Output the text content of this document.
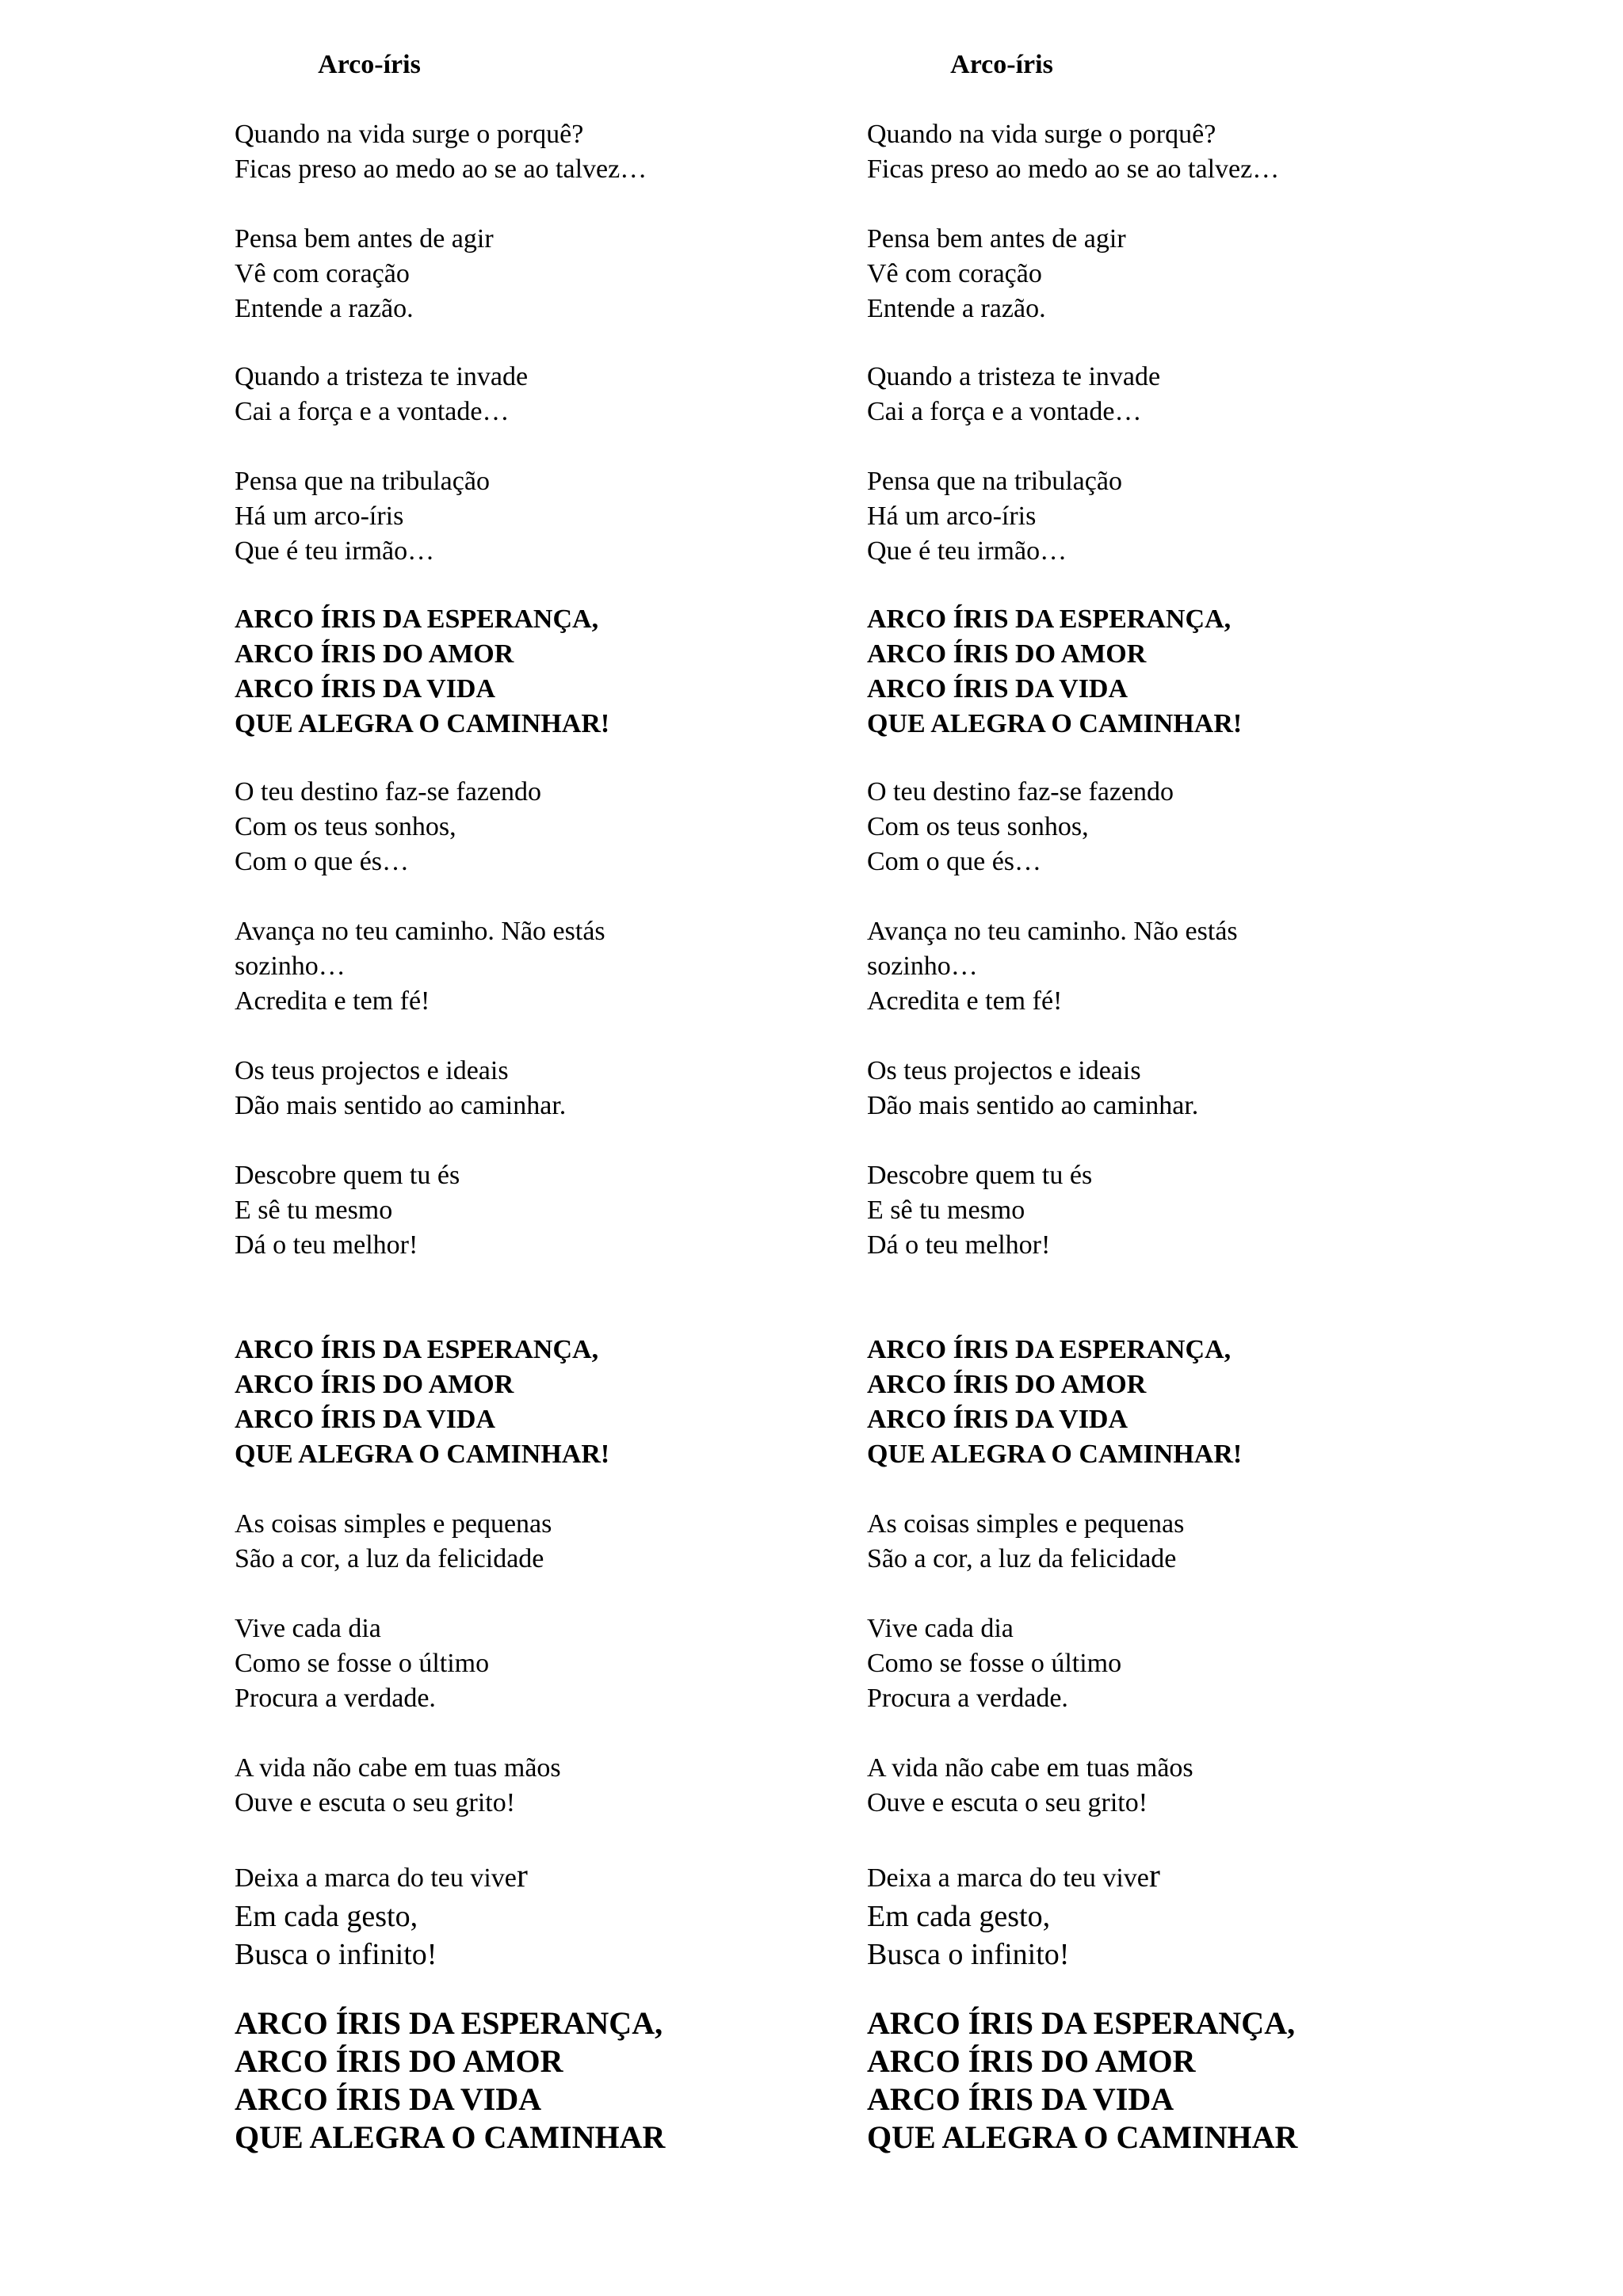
Arco-íris

Quando na vida surge o porquê?
Ficas preso ao medo ao se ao talvez…
Pensa bem antes de agir
Vê com coração
Entende a razão.
Quando a tristeza te invade
Cai a força e a vontade…
Pensa que na tribulação
Há um arco-íris
Que é teu irmão…
ARCO ÍRIS DA ESPERANÇA,
ARCO ÍRIS DO AMOR
ARCO ÍRIS DA VIDA
QUE ALEGRA O CAMINHAR!
O teu destino faz-se fazendo
Com os teus sonhos,
Com o que és…
Avança no teu caminho. Não estás
sozinho…
Acredita e tem fé!
Os teus projectos e ideais
Dão mais sentido ao caminhar.
Descobre quem tu és
E sê tu mesmo
Dá o teu melhor!
ARCO ÍRIS DA ESPERANÇA,
ARCO ÍRIS DO AMOR
ARCO ÍRIS DA VIDA
QUE ALEGRA O CAMINHAR!
As coisas simples e pequenas
São a cor, a luz da felicidade
Vive cada dia
Como se fosse o último
Procura a verdade.
A vida não cabe em tuas mãos
Ouve e escuta o seu grito!
Deixa a marca do teu viver
Em cada gesto,
Busca o infinito!
ARCO ÍRIS DA ESPERANÇA,
ARCO ÍRIS DO AMOR
ARCO ÍRIS DA VIDA
QUE ALEGRA O CAMINHAR

Arco-íris

Quando na vida surge o porquê?
Ficas preso ao medo ao se ao talvez…
Pensa bem antes de agir
Vê com coração
Entende a razão.
Quando a tristeza te invade
Cai a força e a vontade…
Pensa que na tribulação
Há um arco-íris
Que é teu irmão…
ARCO ÍRIS DA ESPERANÇA,
ARCO ÍRIS DO AMOR
ARCO ÍRIS DA VIDA
QUE ALEGRA O CAMINHAR!
O teu destino faz-se fazendo
Com os teus sonhos,
Com o que és…
Avança no teu caminho. Não estás
sozinho…
Acredita e tem fé!
Os teus projectos e ideais
Dão mais sentido ao caminhar.
Descobre quem tu és
E sê tu mesmo
Dá o teu melhor!
ARCO ÍRIS DA ESPERANÇA,
ARCO ÍRIS DO AMOR
ARCO ÍRIS DA VIDA
QUE ALEGRA O CAMINHAR!
As coisas simples e pequenas
São a cor, a luz da felicidade
Vive cada dia
Como se fosse o último
Procura a verdade.
A vida não cabe em tuas mãos
Ouve e escuta o seu grito!
Deixa a marca do teu viver
Em cada gesto,
Busca o infinito!
ARCO ÍRIS DA ESPERANÇA,
ARCO ÍRIS DO AMOR
ARCO ÍRIS DA VIDA
QUE ALEGRA O CAMINHAR
